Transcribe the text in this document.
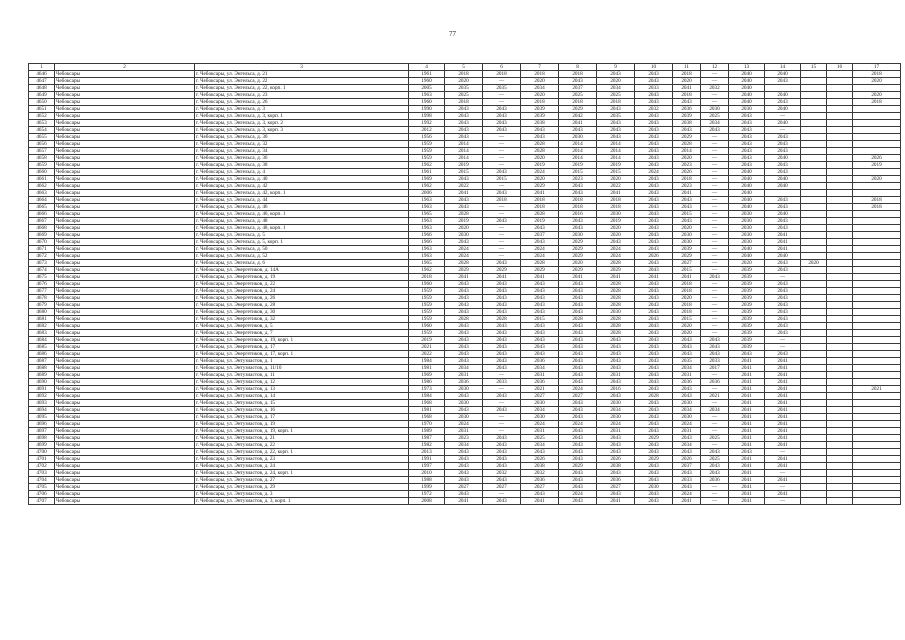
77
1	2	3	4	5	6	7	8	9	10	11	12	13	14	15	16	17
4646	Чебоксары	г. Чебоксары, ул. Энгельса, д. 21	1961	2018	2018	2018	2018	2043	2043	2018	—	2040	2040			2018
4647	Чебоксары	г. Чебоксары, ул. Энгельса, д. 22	1960	2020	—	2020	2043	2020	2043	2020	—	2040	2043			2020
4648	Чебоксары	г. Чебоксары, ул. Энгельса, д. 22, корп. 1	2005	2035	2035	2034	2037	2034	2033	2041	2032	2040				
4649	Чебоксары	г. Чебоксары, ул. Энгельса, д. 23	1963	2025	—	2020	2025	2025	2043	2018	—	2040	2040			2020
4650	Чебоксары	г. Чебоксары, ул. Энгельса, д. 26	1960	2018	—	2018	2018	2018	2043	2043	—	2040	2043			2018
4651	Чебоксары	г. Чебоксары, ул. Энгельса, д. 3	1990	2043	2043	2039	2029	2043	2032	2036	2030	2030	2040			
4652	Чебоксары	г. Чебоксары, ул. Энгельса, д. 3, корп. 1	1998	2043	2043	2039	2042	2035	2043	2039	2025	2043	—			
4653	Чебоксары	г. Чебоксары, ул. Энгельса, д. 3, корп. 2	1992	2043	2043	2038	2041	2043	2043	2038	2034	2043	2040			
4654	Чебоксары	г. Чебоксары, ул. Энгельса, д. 3, корп. 3	2012	2043	2043	2043	2043	2043	2043	2043	2043	2043	—			
4655	Чебоксары	г. Чебоксары, ул. Энгельса, д. 30	1956	2043	—	2043	2030	2043	2043	2029	—	2043	2043			
4656	Чебоксары	г. Чебоксары, ул. Энгельса, д. 32	1959	2014	—	2028	2014	2014	2043	2028	—	2043	2043			
4657	Чебоксары	г. Чебоксары, ул. Энгельса, д. 34	1959	2014	—	2028	2014	2014	2043	2014	—	2043	2043			
4658	Чебоксары	г. Чебоксары, ул. Энгельса, д. 36	1959	2014	—	2020	2014	2014	2043	2020	—	2043	2040			2026
4659	Чебоксары	г. Чебоксары, ул. Энгельса, д. 38	1962	2019	—	2019	2019	2019	2043	2023	—	2043	2043			2019
4660	Чебоксары	г. Чебоксары, ул. Энгельса, д. 4	1961	2015	2043	2024	2015	2015	2024	2026	—	2040	2043			
4661	Чебоксары	г. Чебоксары, ул. Энгельса, д. 40	1969	2043	2015	2020	2023	2020	2043	2018	—	2040	2040			2020
4662	Чебоксары	г. Чебоксары, ул. Энгельса, д. 42	1962	2022	—	2029	2043	2022	2043	2023	—	2040	2040			
4663	Чебоксары	г. Чебоксары, ул. Энгельса, д. 42, корп. 1	2006	2041	2043	2041	2043	2041	2043	2041	—	2040				
4664	Чебоксары	г. Чебоксары, ул. Энгельса, д. 44	1963	2043	2018	2018	2018	2018	2043	2043	—	2040	2043			2018
4665	Чебоксары	г. Чебоксары, ул. Энгельса, д. 46	1963	2043	—	2018	2018	2018	2043	2043	—	2040	2043			2018
4666	Чебоксары	г. Чебоксары, ул. Энгельса, д. 46, корп. 1	1965	2028	—	2028	2016	2030	2043	2015	—	2030	2040			
4667	Чебоксары	г. Чебоксары, ул. Энгельса, д. 48	1963	2019	2043	2019	2043	2019	2043	2043	—	2030	2043			
4668	Чебоксары	г. Чебоксары, ул. Энгельса, д. 48, корп. 1	1963	2020	—	2043	2043	2020	2043	2020	—	2030	2043			
4669	Чебоксары	г. Чебоксары, ул. Энгельса, д. 5	1966	2030	—	2037	2030	2020	2043	2030	—	2030	2041			
4670	Чебоксары	г. Чебоксары, ул. Энгельса, д. 5, корп. 1	1966	2043	—	2043	2029	2043	2043	2030	—	2030	2041			
4671	Чебоксары	г. Чебоксары, ул. Энгельса, д. 50	1963	2024	—	2024	2029	2024	2043	2039	—	2040	2041			
4672	Чебоксары	г. Чебоксары, ул. Энгельса, д. 52	1963	2024	—	2024	2029	2024	2026	2029	—	2040	2040			
4673	Чебоксары	г. Чебоксары, ул. Энгельса, д. 6	1965	2028	2043	2028	2020	2028	2043	2027	—	2020	2043	2020		
4674	Чебоксары	г. Чебоксары, ул. Энергетиков, д. 14А	1962	2029	2029	2029	2029	2029	2043	2015	—	2039	2043			
4675	Чебоксары	г. Чебоксары, ул. Энергетиков, д. 19	2018	2041	2041	2041	2041	2041	2041	2041	2043	2039	—			
4676	Чебоксары	г. Чебоксары, ул. Энергетиков, д. 22	1960	2043	2043	2043	2043	2028	2043	2018	—	2039	2043			
4677	Чебоксары	г. Чебоксары, ул. Энергетиков, д. 24	1959	2043	2043	2043	2043	2028	2043	2018	—	2039	2043			
4678	Чебоксары	г. Чебоксары, ул. Энергетиков, д. 26	1959	2043	2043	2043	2043	2028	2043	2020	—	2039	2043			
4679	Чебоксары	г. Чебоксары, ул. Энергетиков, д. 28	1959	2043	2043	2043	2043	2028	2043	2018	—	2039	2043			
4680	Чебоксары	г. Чебоксары, ул. Энергетиков, д. 30	1959	2043	2043	2043	2043	2030	2043	2018	—	2039	2043			
4681	Чебоксары	г. Чебоксары, ул. Энергетиков, д. 32	1959	2028	2028	2015	2028	2028	2043	2015	—	2039	2043			
4682	Чебоксары	г. Чебоксары, ул. Энергетиков, д. 5	1960	2043	2043	2043	2043	2028	2043	2020	—	2039	2043			
4683	Чебоксары	г. Чебоксары, ул. Энергетиков, д. 7	1959	2043	2043	2043	2043	2028	2043	2020	—	2039	2043			
4684	Чебоксары	г. Чебоксары, ул. Энергетиков, д. 19, корп. 1	2019	2043	2043	2043	2043	2043	2043	2043	2043	2039	—			
4685	Чебоксары	г. Чебоксары, ул. Энергетиков, д. 17	2021	2043	2043	2043	2043	2043	2043	2043	2043	2039	—			
4686	Чебоксары	г. Чебоксары, ул. Энергетиков, д. 17, корп. 1	2022	2043	2043	2043	2043	2043	2043	2043	2043	2043	2043			
4687	Чебоксары	г. Чебоксары, ул. Энтузиастов, д. 1	1984	2043	2043	2036	2043	2043	2043	2035	2033	2041	2041			
4688	Чебоксары	г. Чебоксары, ул. Энтузиастов, д. 11/10	1981	2034	2043	2034	2043	2043	2043	2034	2017	2041	2041			
4689	Чебоксары	г. Чебоксары, ул. Энтузиастов, д. 11	1969	2031	—	2031	2043	2031	2043	2031	—	2041	2041			
4690	Чебоксары	г. Чебоксары, ул. Энтузиастов, д. 12	1986	2036	2033	2036	2043	2043	2043	2036	2036	2041	2041			
4691	Чебоксары	г. Чебоксары, ул. Энтузиастов, д. 13	1973	2030	—	2021	2024	2016	2043	2043	—	2041	2041			2021
4692	Чебоксары	г. Чебоксары, ул. Энтузиастов, д. 14	1984	2043	2043	2027	2027	2043	2028	2043	2021	2041	2041			
4693	Чебоксары	г. Чебоксары, ул. Энтузиастов, д. 15	1968	2030	—	2030	2043	2030	2043	2030	—	2041	2041			
4694	Чебоксары	г. Чебоксары, ул. Энтузиастов, д. 16	1981	2043	2043	2034	2043	2034	2043	2034	2034	2041	2041			
4695	Чебоксары	г. Чебоксары, ул. Энтузиастов, д. 17	1968	2030	—	2030	2043	2030	2043	2030	—	2041	2041			
4696	Чебоксары	г. Чебоксары, ул. Энтузиастов, д. 19	1970	2024	—	2024	2024	2024	2043	2024	—	2041	2041			
4697	Чебоксары	г. Чебоксары, ул. Энтузиастов, д. 19, корп. 1	1989	2031	—	2031	2043	2031	2043	2031	—	2041	2041			
4698	Чебоксары	г. Чебоксары, ул. Энтузиастов, д. 21	1987	2023	2043	2025	2043	2043	2029	2043	2025	2041	2041			
4699	Чебоксары	г. Чебоксары, ул. Энтузиастов, д. 22	1982	2034	2043	2034	2043	2043	2043	2034	—	2041	2041			
4700	Чебоксары	г. Чебоксары, ул. Энтузиастов, д. 22, корп. 1	2013	2043	2043	2043	2043	2043	2043	2043	2043	2043	—			
4701	Чебоксары	г. Чебоксары, ул. Энтузиастов, д. 23	1991	2043	2043	2026	2043	2026	2029	2026	2025	2041	2041			
4702	Чебоксары	г. Чебоксары, ул. Энтузиастов, д. 24	1997	2043	2043	2038	2029	2038	2043	2037	2043	2041	2041			
4703	Чебоксары	г. Чебоксары, ул. Энтузиастов, д. 24, корп. 1	2010	2043	2032	2032	2043	2043	2043	2043	2043	2041	—			
4704	Чебоксары	г. Чебоксары, ул. Энтузиастов, д. 27	1988	2043	2043	2036	2043	2036	2043	2033	2036	2041	2041			
4705	Чебоксары	г. Чебоксары, ул. Энтузиастов, д. 29	1999	2027	2027	2027	2043	2027	2030	2043	—	2041	—			
4706	Чебоксары	г. Чебоксары, ул. Энтузиастов, д. 3	1972	2043	—	2043	2024	2043	2043	2024	—	2041	2041			
4707	Чебоксары	г. Чебоксары, ул. Энтузиастов, д. 3, корп. 1	2008	2041	2043	2041	2043	2041	2043	2041	—	2041	—			
